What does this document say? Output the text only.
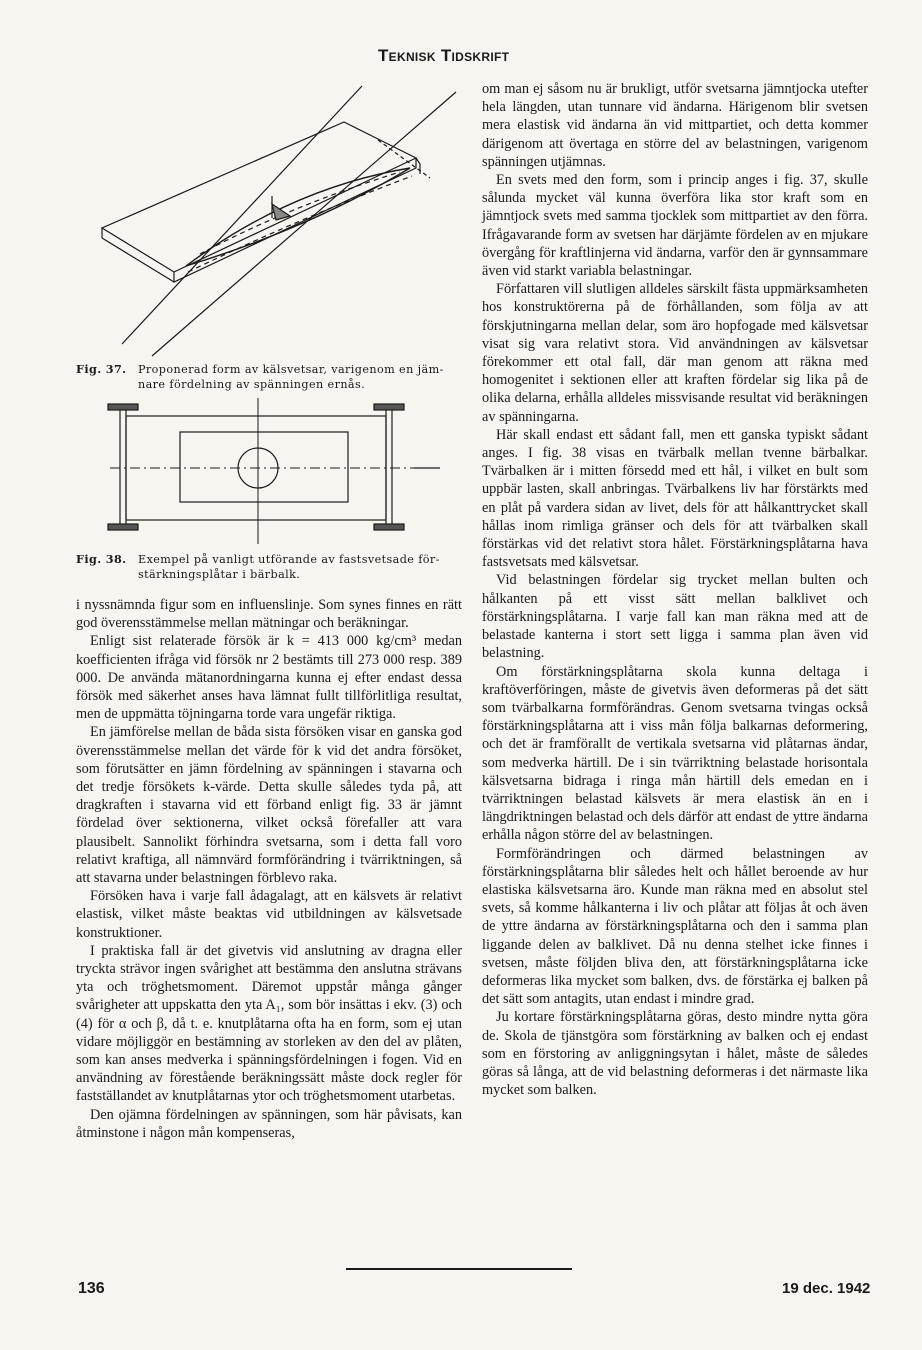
Teknisk Tidskrift
Fig. 37. Proponerad form av kälsvetsar, varigenom en jäm-
nare fördelning av spänningen ernås.
Fig. 38. Exempel på vanligt utförande av fastsvetsade för-
stärkningsplåtar i bärbalk.

i nyssnämnda figur som en influenslinje. Som synes finnes en rätt god överensstämmelse mellan mätningar och beräkningar.

Enligt sist relaterade försök är k = 413 000 kg/cm³ medan koefficienten ifråga vid försök nr 2 bestämts till 273 000 resp. 389 000. De använda mätanordningarna kunna ej efter endast dessa försök med säkerhet anses hava lämnat fullt tillförlitliga resultat, men de uppmätta töjningarna torde vara ungefär riktiga.

En jämförelse mellan de båda sista försöken visar en ganska god överensstämmelse mellan det värde för k vid det andra försöket, som förutsätter en jämn fördelning av spänningen i stavarna och det tredje försökets k-värde. Detta skulle således tyda på, att dragkraften i stavarna vid ett förband enligt fig. 33 är jämnt fördelad över sektionerna, vilket också förefaller att vara plausibelt. Sannolikt förhindra svetsarna, som i detta fall voro relativt kraftiga, all nämnvärd formförändring i tvärriktningen, så att stavarna under belastningen förblevo raka.

Försöken hava i varje fall ådagalagt, att en kälsvets är relativt elastisk, vilket måste beaktas vid utbildningen av kälsvetsade konstruktioner.

I praktiska fall är det givetvis vid anslutning av dragna eller tryckta strävor ingen svårighet att bestämma den anslutna strävans yta och tröghetsmoment. Däremot uppstår många gånger svårigheter att uppskatta den yta A₁, som bör insättas i ekv. (3) och (4) för α och β, då t. e. knutplåtarna ofta ha en form, som ej utan vidare möjliggör en bestämning av storleken av den del av plåten, som kan anses medverka i spänningsfördelningen i fogen. Vid en användning av förestående beräkningssätt måste dock regler för fastställandet av knutplåtarnas ytor och tröghetsmoment utarbetas.

Den ojämna fördelningen av spänningen, som här påvisats, kan åtminstone i någon mån kompenseras,

om man ej såsom nu är brukligt, utför svetsarna jämntjocka utefter hela längden, utan tunnare vid ändarna. Härigenom blir svetsen mera elastisk vid ändarna än vid mittpartiet, och detta kommer därigenom att övertaga en större del av belastningen, varigenom spänningen utjämnas.

En svets med den form, som i princip anges i fig. 37, skulle sålunda mycket väl kunna överföra lika stor kraft som en jämntjock svets med samma tjocklek som mittpartiet av den förra. Ifrågavarande form av svetsen har därjämte fördelen av en mjukare övergång för kraftlinjerna vid ändarna, varför den är gynnsammare även vid starkt variabla belastningar.

Författaren vill slutligen alldeles särskilt fästa uppmärksamheten hos konstruktörerna på de förhållanden, som följa av att förskjutningarna mellan delar, som äro hopfogade med kälsvetsar visat sig vara relativt stora. Vid användningen av kälsvetsar förekommer ett otal fall, där man genom att räkna med homogenitet i sektionen eller att kraften fördelar sig lika på de olika delarna, erhålla alldeles missvisande resultat vid beräkningen av spänningarna.

Här skall endast ett sådant fall, men ett ganska typiskt sådant anges. I fig. 38 visas en tvärbalk mellan tvenne bärbalkar. Tvärbalken är i mitten försedd med ett hål, i vilket en bult som uppbär lasten, skall anbringas. Tvärbalkens liv har förstärkts med en plåt på vardera sidan av livet, dels för att hålkanttrycket skall hållas inom rimliga gränser och dels för att tvärbalken skall förstärkas vid det relativt stora hålet. Förstärkningsplåtarna hava fastsvetsats med kälsvetsar.

Vid belastningen fördelar sig trycket mellan bulten och hålkanten på ett visst sätt mellan balklivet och förstärkningsplåtarna. I varje fall kan man räkna med att de belastade kanterna i stort sett ligga i samma plan även vid belastning.

Om förstärkningsplåtarna skola kunna deltaga i kraftöverföringen, måste de givetvis även deformeras på det sätt som tvärbalkarna formförändras. Genom svetsarna tvingas också förstärkningsplåtarna att i viss mån följa balkarnas deformering, och det är framförallt de vertikala svetsarna vid plåtarnas ändar, som medverka härtill. De i sin tvärriktning belastade horisontala kälsvetsarna bidraga i ringa mån härtill dels emedan en i tvärriktningen belastad kälsvets är mera elastisk än en i längdriktningen belastad och dels därför att endast de yttre ändarna erhålla någon större del av belastningen.

Formförändringen och därmed belastningen av förstärkningsplåtarna blir således helt och hållet beroende av hur elastiska kälsvetsarna äro. Kunde man räkna med en absolut stel svets, så komme hålkanterna i liv och plåtar att följas åt och även de yttre ändarna av förstärkningsplåtarna och den i samma plan liggande delen av balklivet. Då nu denna stelhet icke finnes i svetsen, måste följden bliva den, att förstärkningsplåtarna icke deformeras lika mycket som balken, dvs. de förstärka ej balken på det sätt som antagits, utan endast i mindre grad.

Ju kortare förstärkningsplåtarna göras, desto mindre nytta göra de. Skola de tjänstgöra som förstärkning av balken och ej endast som en förstoring av anliggningsytan i hålet, måste de således göras så långa, att de vid belastning deformeras i det närmaste lika mycket som balken.

136	19 dec. 1942
